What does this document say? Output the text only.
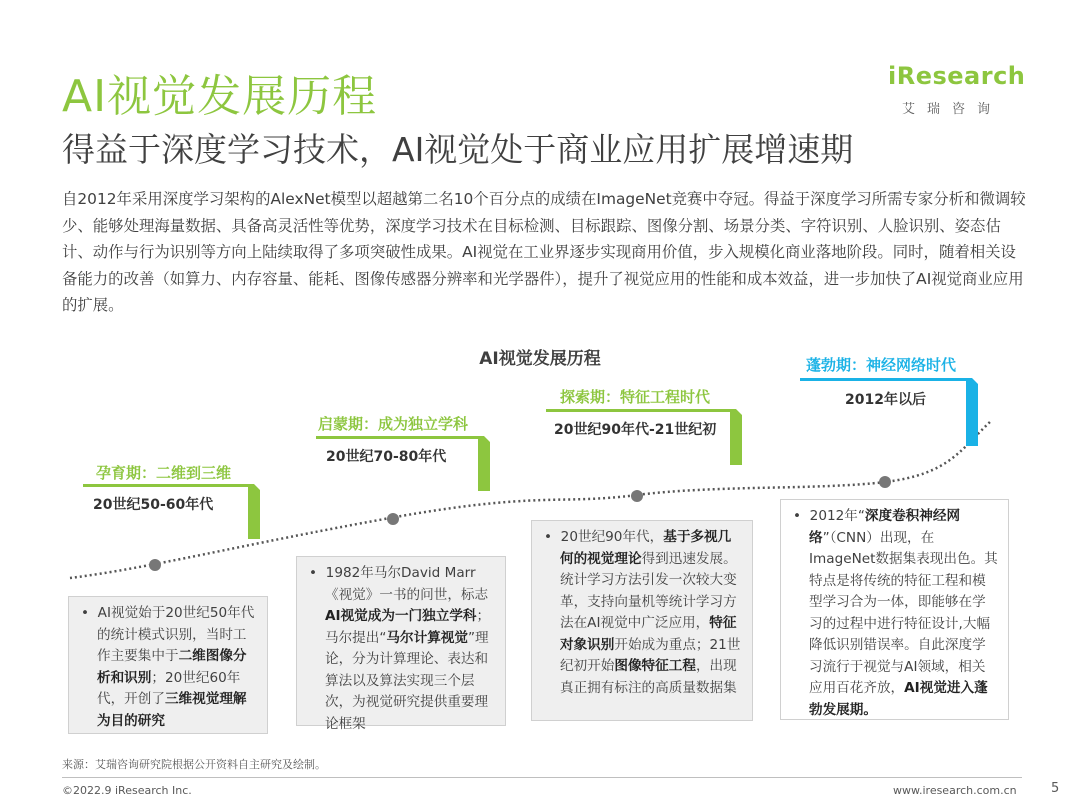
AI视觉发展历程
得益于深度学习技术，AI视觉处于商业应用扩展增速期
iResearch
艾瑞咨询
自2012年采用深度学习架构的AlexNet模型以超越第二名10个百分点的成绩在ImageNet竞赛中夺冠。得益于深度学习所需专家分析和微调较少、能够处理海量数据、具备高灵活性等优势，深度学习技术在目标检测、目标跟踪、图像分割、场景分类、字符识别、人脸识别、姿态估计、动作与行为识别等方向上陆续取得了多项突破性成果。AI视觉在工业界逐步实现商用价值，步入规模化商业落地阶段。同时，随着相关设备能力的改善（如算力、内存容量、能耗、图像传感器分辨率和光学器件），提升了视觉应用的性能和成本效益，进一步加快了AI视觉商业应用的扩展。
AI视觉发展历程
孕育期：二维到三维
20世纪50-60年代
启蒙期：成为独立学科
20世纪70-80年代
探索期：特征工程时代
20世纪90年代-21世纪初
蓬勃期：神经网络时代
2012年以后
•  AI视觉始于20世纪50年代的统计模式识别，当时工作主要集中于二维图像分析和识别；20世纪60年代，开创了三维视觉理解为目的研究
•  1982年马尔David Marr《视觉》一书的问世，标志AI视觉成为一门独立学科；马尔提出“马尔计算视觉”理论，分为计算理论、表达和算法以及算法实现三个层次，为视觉研究提供重要理论框架
•  20世纪90年代，基于多视几何的视觉理论得到迅速发展。统计学习方法引发一次较大变革，支持向量机等统计学习方法在AI视觉中广泛应用，特征对象识别开始成为重点；21世纪初开始图像特征工程，出现真正拥有标注的高质量数据集
•  2012年“深度卷积神经网络”（CNN）出现，在ImageNet数据集表现出色。其特点是将传统的特征工程和模型学习合为一体，即能够在学习的过程中进行特征设计,大幅降低识别错误率。自此深度学习流行于视觉与AI领域，相关应用百花齐放，AI视觉进入蓬勃发展期。
来源：艾瑞咨询研究院根据公开资料自主研究及绘制。
©2022.9 iResearch Inc.	www.iresearch.com.cn	5
